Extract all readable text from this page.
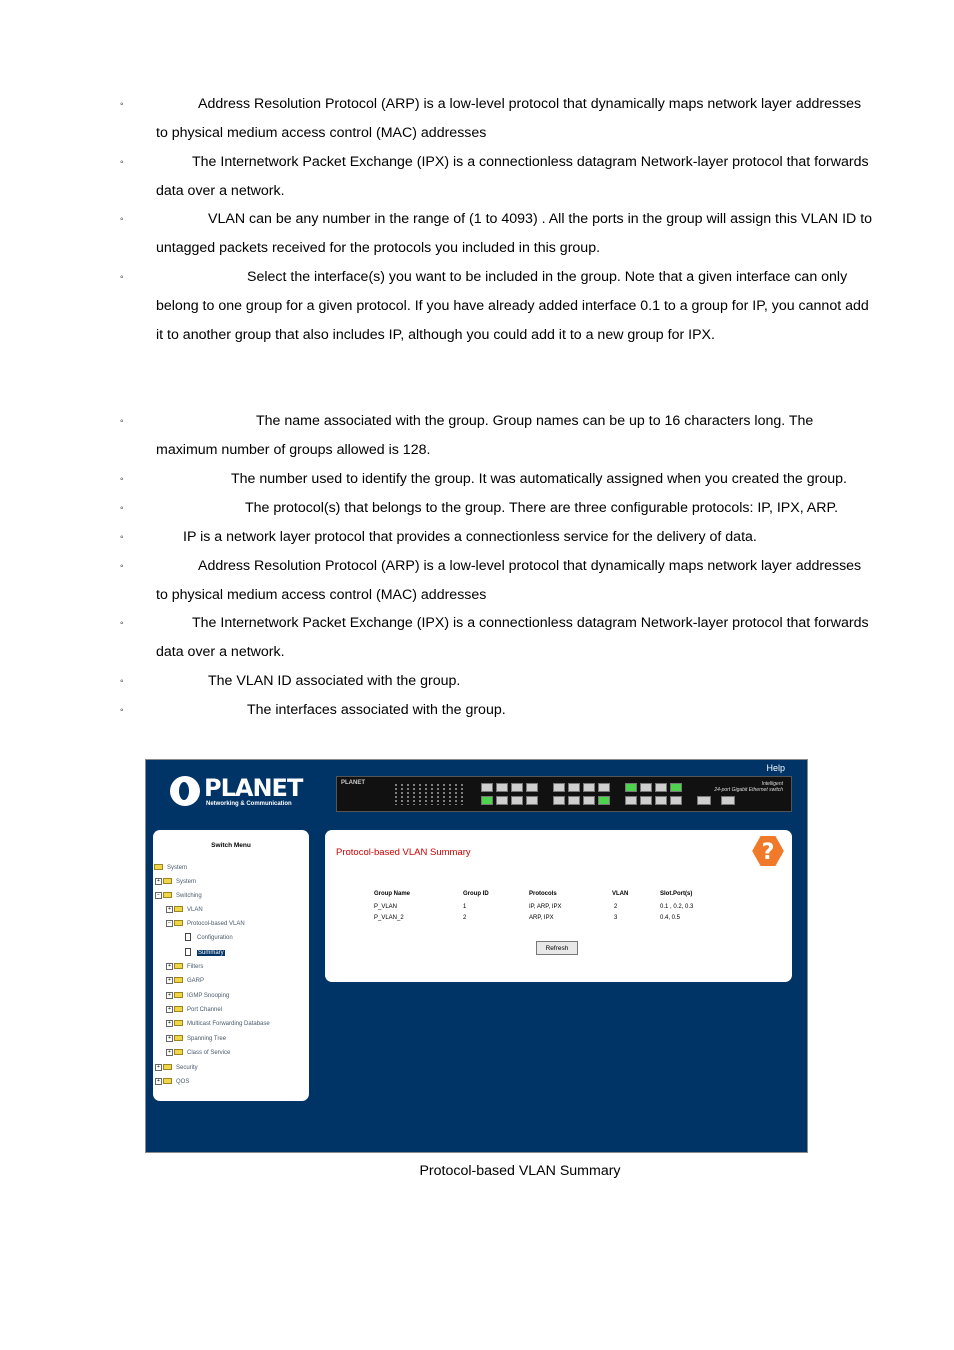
◦	Address Resolution Protocol (ARP) is a low-level protocol that dynamically maps network layer addresses
to physical medium access control (MAC) addresses
◦	The Internetwork Packet Exchange (IPX) is a connectionless datagram Network-layer protocol that forwards
data over a network.
◦	VLAN can be any number in the range of (1 to 4093) . All the ports in the group will assign this VLAN ID to
untagged packets received for the protocols you included in this group.
◦	Select the interface(s) you want to be included in the group. Note that a given interface can only
belong to one group for a given protocol. If you have already added interface 0.1 to a group for IP, you cannot add
it to another group that also includes IP, although you could add it to a new group for IPX.
◦	The name associated with the group. Group names can be up to 16 characters long. The
maximum number of groups allowed is 128.
◦	The number used to identify the group. It was automatically assigned when you created the group.
◦	The protocol(s) that belongs to the group. There are three configurable protocols: IP, IPX, ARP.
◦	IP is a network layer protocol that provides a connectionless service for the delivery of data.
◦	Address Resolution Protocol (ARP) is a low-level protocol that dynamically maps network layer addresses
to physical medium access control (MAC) addresses
◦	The Internetwork Packet Exchange (IPX) is a connectionless datagram Network-layer protocol that forwards
data over a network.
◦	The VLAN ID associated with the group.
◦	The interfaces associated with the group.
Help
PLANET
Networking & Communication
PLANET	Intelligent
24-port Gigabit Ethernet switch
Switch Menu
System
+	System
−	Switching
+	VLAN
−	Protocol-based VLAN
Configuration
Summary
+	Filters
+	GARP
+	IGMP Snooping
+	Port Channel
+	Multicast Forwarding Database
+	Spanning Tree
+	Class of Service
+	Security
+	QOS
Protocol-based VLAN Summary	?
Group Name	Group ID	Protocols	VLAN	Slot.Port(s)
P_VLAN	1	IP, ARP, IPX	2	0.1 , 0.2, 0.3
P_VLAN_2	2	ARP, IPX	3	0.4, 0.5
Refresh
Protocol-based VLAN Summary
